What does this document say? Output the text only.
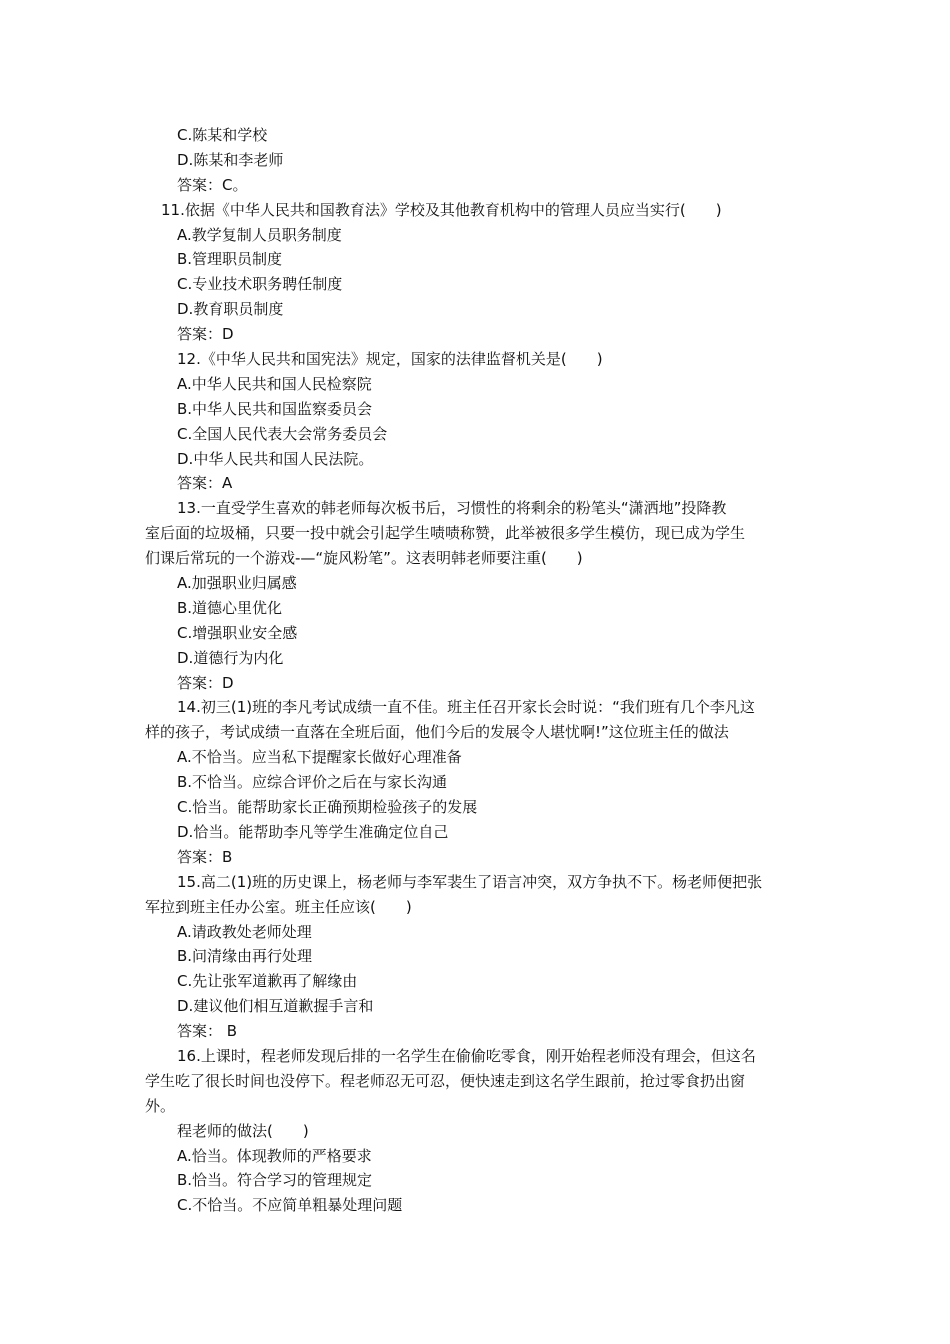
C.陈某和学校
D.陈某和李老师
答案：C。
11.依据《中华人民共和国教育法》学校及其他教育机构中的管理人员应当实行(　　)
A.教学复制人员职务制度
B.管理职员制度
C.专业技术职务聘任制度
D.教育职员制度
答案：D
12.《中华人民共和国宪法》规定，国家的法律监督机关是(　　)
A.中华人民共和国人民检察院
B.中华人民共和国监察委员会
C.全国人民代表大会常务委员会
D.中华人民共和国人民法院。
答案：A
13.一直受学生喜欢的韩老师每次板书后，习惯性的将剩余的粉笔头“潇洒地”投降教
室后面的垃圾桶，只要一投中就会引起学生啧啧称赞，此举被很多学生模仿，现已成为学生
们课后常玩的一个游戏-—“旋风粉笔”。这表明韩老师要注重(　　)
A.加强职业归属感
B.道德心里优化
C.增强职业安全感
D.道德行为内化
答案：D
14.初三(1)班的李凡考试成绩一直不佳。班主任召开家长会时说：“我们班有几个李凡这
样的孩子，考试成绩一直落在全班后面，他们今后的发展令人堪忧啊!”这位班主任的做法
A.不恰当。应当私下提醒家长做好心理准备
B.不恰当。应综合评价之后在与家长沟通
C.恰当。能帮助家长正确预期检验孩子的发展
D.恰当。能帮助李凡等学生准确定位自己
答案：B
15.高二(1)班的历史课上，杨老师与李军裴生了语言冲突，双方争执不下。杨老师便把张
军拉到班主任办公室。班主任应该(　　)
A.请政教处老师处理
B.问清缘由再行处理
C.先让张军道歉再了解缘由
D.建议他们相互道歉握手言和
答案： B
16.上课时，程老师发现后排的一名学生在偷偷吃零食，刚开始程老师没有理会，但这名
学生吃了很长时间也没停下。程老师忍无可忍，便快速走到这名学生跟前，抢过零食扔出窗
外。
程老师的做法(　　)
A.恰当。体现教师的严格要求
B.恰当。符合学习的管理规定
C.不恰当。不应简单粗暴处理问题
